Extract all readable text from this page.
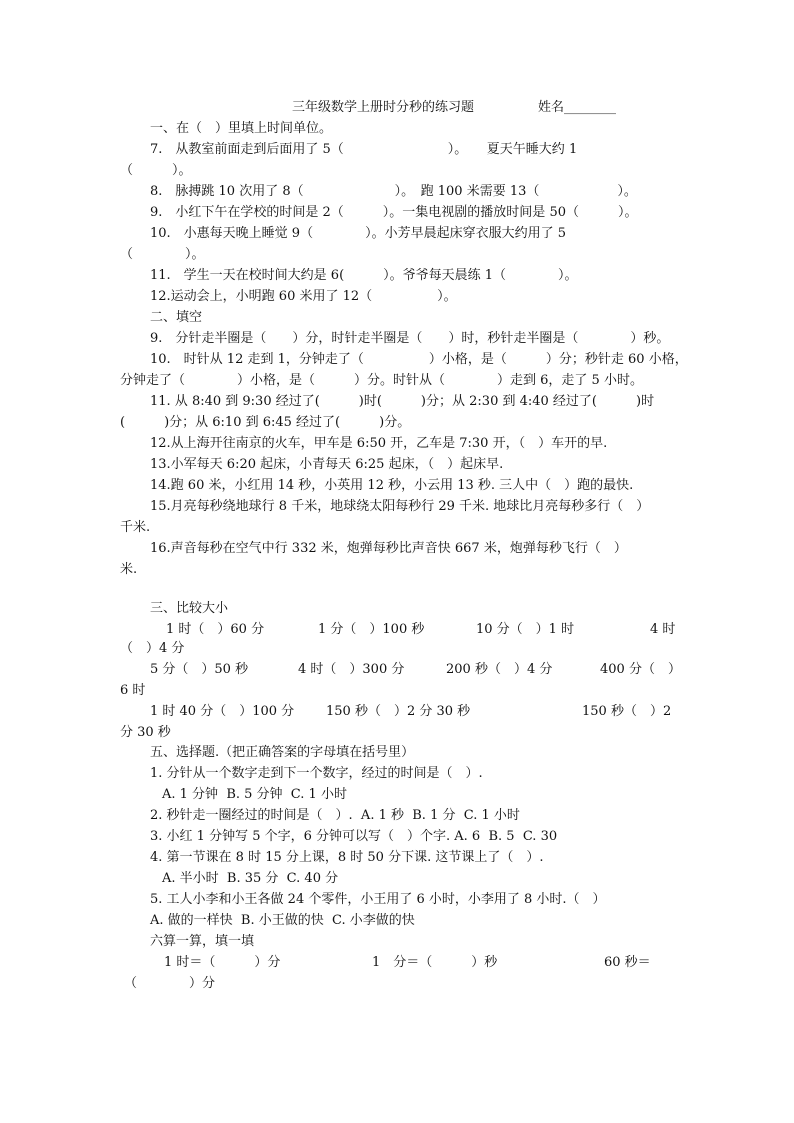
三年级数学上册时分秒的练习题	姓名________

一、在（　）里填上时间单位。

7.　从教室前面走到后面用了 5（　　　　　　　　）。　　夏天午睡大约 1

（　　　）。

8.　脉搏跳 10 次用了 8（　　　　　　　）。　跑 100 米需要 13（　　　　　　）。

9.　小红下午在学校的时间是 2（　　　）。一集电视剧的播放时间是 50（　　　）。

10.　小惠每天晚上睡觉 9（　　　　）。小芳早晨起床穿衣服大约用了 5

（　　　　）。

11.　学生一天在校时间大约是 6(　　　）。爷爷每天晨练 1（　　　　）。

12.运动会上，小明跑 60 米用了 12（　　　　　）。

二、填空

9.　分针走半圈是（　　）分，时针走半圈是（　　）时，秒针走半圈是（　　　　）秒。

10.　时针从 12 走到 1，分钟走了（　　　　　）小格，是（　　　）分；秒针走 60 小格，

分钟走了（　　　　）小格，是（　　　）分。时针从（　　　　）走到 6，走了 5 小时。

11. 从 8:40 到 9:30 经过了(　　　)时(　　　)分；从 2:30 到 4:40 经过了(　　　)时

(　　　)分；从 6:10 到 6:45 经过了(　　　)分。

12.从上海开往南京的火车，甲车是 6:50 开，乙车是 7:30 开，（　）车开的早.

13.小军每天 6:20 起床，小青每天 6:25 起床，（　）起床早.

14.跑 60 米，小红用 14 秒，小英用 12 秒，小云用 13 秒. 三人中（　）跑的最快.

15.月亮每秒绕地球行 8 千米，地球绕太阳每秒行 29 千米. 地球比月亮每秒多行（　）

千米.

16.声音每秒在空气中行 332 米，炮弹每秒比声音快 667 米，炮弹每秒飞行（　）

米.

三、比较大小

1 时（　）60 分	1 分（　）100 秒	10 分（　）1 时	4 时

（　）4 分

5 分（　）50 秒	4 时（　）300 分	200 秒（　）4 分	400 分（　）

6 时

1 时 40 分（　）100 分 150 秒（　）2 分 30 秒	150 秒（　）2

分 30 秒

五、选择题.（把正确答案的字母填在括号里）

1. 分针从一个数字走到下一个数字，经过的时间是（　）.

A. 1 分钟  B. 5 分钟  C. 1 小时

2. 秒针走一圈经过的时间是（　）.  A. 1 秒  B. 1 分  C. 1 小时

3. 小红 1 分钟写 5 个字，6 分钟可以写（　）个字. A. 6  B. 5  C. 30

4. 第一节课在 8 时 15 分上课，8 时 50 分下课. 这节课上了（　）.

A. 半小时  B. 35 分  C. 40 分

5. 工人小李和小王各做 24 个零件，小王用了 6 小时，小李用了 8 小时.（　）

A. 做的一样快  B. 小王做的快  C. 小李做的快

六算一算，填一填

1 时＝（　　　）分	1　分＝（　　　）秒	60 秒＝

（　　　　）分
